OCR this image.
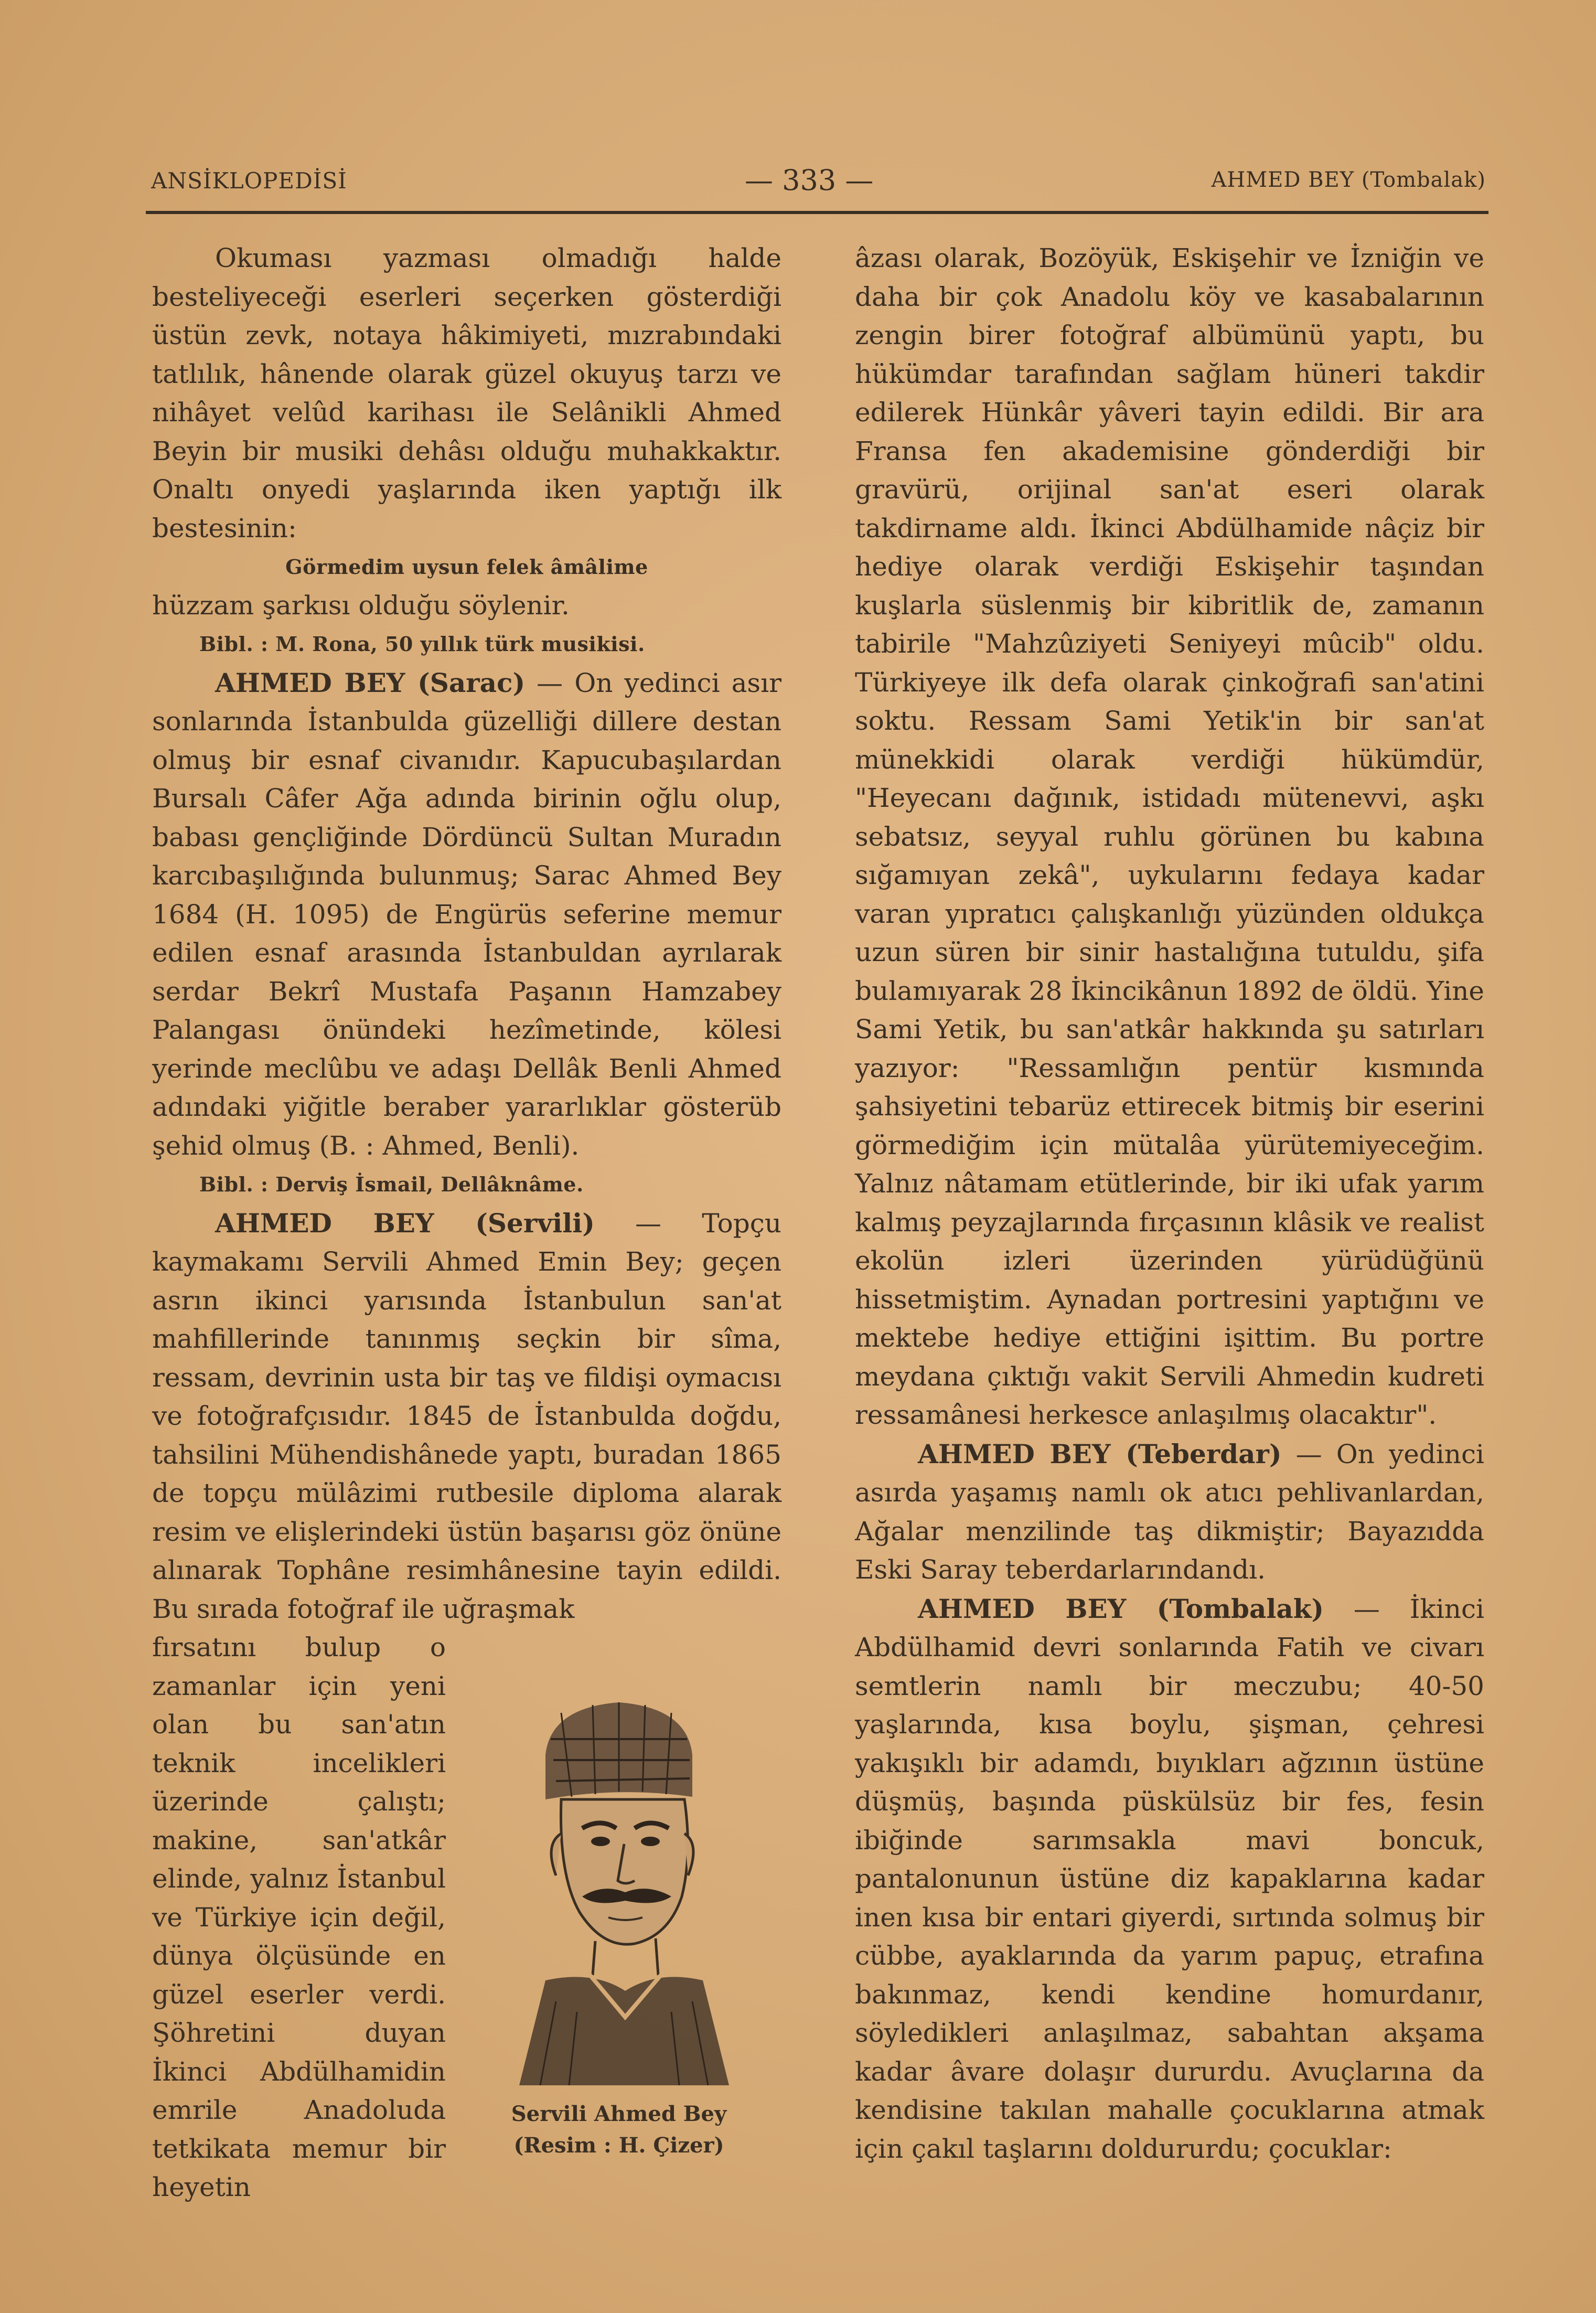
ANSİKLOPEDİSİ	— 333 —	AHMED BEY (Tombalak)

Okuması yazması olmadığı halde besteliyeceği eserleri seçerken gösterdiği üstün zevk, notaya hâkimiyeti, mızrabındaki tatlılık, hânende olarak güzel okuyuş tarzı ve nihâyet velûd karihası ile Selânikli Ahmed Beyin bir musiki dehâsı olduğu muhakkaktır. Onaltı onyedi yaşlarında iken yaptığı ilk bestesinin:

Görmedim uysun felek âmâlime

hüzzam şarkısı olduğu söylenir.

Bibl. : M. Rona, 50 yıllık türk musikisi.

AHMED BEY (Sarac) — On yedinci asır sonlarında İstanbulda güzelliği dillere destan olmuş bir esnaf civanıdır. Kapucubaşılardan Bursalı Câfer Ağa adında birinin oğlu olup, babası gençliğinde Dördüncü Sultan Muradın karcıbaşılığında bulunmuş; Sarac Ahmed Bey 1684 (H. 1095) de Engürüs seferine memur edilen esnaf arasında İstanbuldan ayrılarak serdar Bekrî Mustafa Paşanın Hamzabey Palangası önündeki hezîmetinde, kölesi yerinde meclûbu ve adaşı Dellâk Benli Ahmed adındaki yiğitle beraber yararlıklar gösterüb şehid olmuş (B. : Ahmed, Benli).

Bibl. : Derviş İsmail, Dellâknâme.

AHMED BEY (Servili) — Topçu kaymakamı Servili Ahmed Emin Bey; geçen asrın ikinci yarısında İstanbulun san'at mahfillerinde tanınmış seçkin bir sîma, ressam, devrinin usta bir taş ve fildişi oymacısı ve fotoğrafçısıdır. 1845 de İstanbulda doğdu, tahsilini Mühendishânede yaptı, buradan 1865 de topçu mülâzimi rutbesile diploma alarak resim ve elişlerindeki üstün başarısı göz önüne alınarak Tophâne resimhânesine tayin edildi. Bu sırada fotoğraf ile uğraşmak

fırsatını bulup o zamanlar için yeni olan bu san'atın teknik incelikleri üzerinde çalıştı; makine, san'atkâr elinde, yalnız İstanbul ve Türkiye için değil, dünya ölçüsünde en güzel eserler verdi. Şöhretini duyan İkinci Abdülhamidin emrile Anadoluda tetkikata memur bir heyetin

Servili Ahmed Bey
(Resim : H. Çizer)

âzası olarak, Bozöyük, Eskişehir ve İzniğin ve daha bir çok Anadolu köy ve kasabalarının zengin birer fotoğraf albümünü yaptı, bu hükümdar tarafından sağlam hüneri takdir edilerek Hünkâr yâveri tayin edildi. Bir ara Fransa fen akademisine gönderdiği bir gravürü, orijinal san'at eseri olarak takdirname aldı. İkinci Abdülhamide nâçiz bir hediye olarak verdiği Eskişehir taşından kuşlarla süslenmiş bir kibritlik de, zamanın tabirile "Mahzûziyeti Seniyeyi mûcib" oldu. Türkiyeye ilk defa olarak çinkoğrafi san'atini soktu. Ressam Sami Yetik'in bir san'at münekkidi olarak verdiği hükümdür, "Heyecanı dağınık, istidadı mütenevvi, aşkı sebatsız, seyyal ruhlu görünen bu kabına sığamıyan zekâ", uykularını fedaya kadar varan yıpratıcı çalışkanlığı yüzünden oldukça uzun süren bir sinir hastalığına tutuldu, şifa bulamıyarak 28 İkincikânun 1892 de öldü. Yine Sami Yetik, bu san'atkâr hakkında şu satırları yazıyor: "Ressamlığın pentür kısmında şahsiyetini tebarüz ettirecek bitmiş bir eserini görmediğim için mütalâa yürütemiyeceğim. Yalnız nâtamam etütlerinde, bir iki ufak yarım kalmış peyzajlarında fırçasının klâsik ve realist ekolün izleri üzerinden yürüdüğünü hissetmiştim. Aynadan portresini yaptığını ve mektebe hediye ettiğini işittim. Bu portre meydana çıktığı vakit Servili Ahmedin kudreti ressamânesi herkesce anlaşılmış olacaktır".

AHMED BEY (Teberdar) — On yedinci asırda yaşamış namlı ok atıcı pehlivanlardan, Ağalar menzilinde taş dikmiştir; Bayazıdda Eski Saray teberdarlarındandı.

AHMED BEY (Tombalak) — İkinci Abdülhamid devri sonlarında Fatih ve civarı semtlerin namlı bir meczubu; 40-50 yaşlarında, kısa boylu, şişman, çehresi yakışıklı bir adamdı, bıyıkları ağzının üstüne düşmüş, başında püskülsüz bir fes, fesin ibiğinde sarımsakla mavi boncuk, pantalonunun üstüne diz kapaklarına kadar inen kısa bir entari giyerdi, sırtında solmuş bir cübbe, ayaklarında da yarım papuç, etrafına bakınmaz, kendi kendine homurdanır, söyledikleri anlaşılmaz, sabahtan akşama kadar âvare dolaşır dururdu. Avuçlarına da kendisine takılan mahalle çocuklarına atmak için çakıl taşlarını doldururdu; çocuklar:
